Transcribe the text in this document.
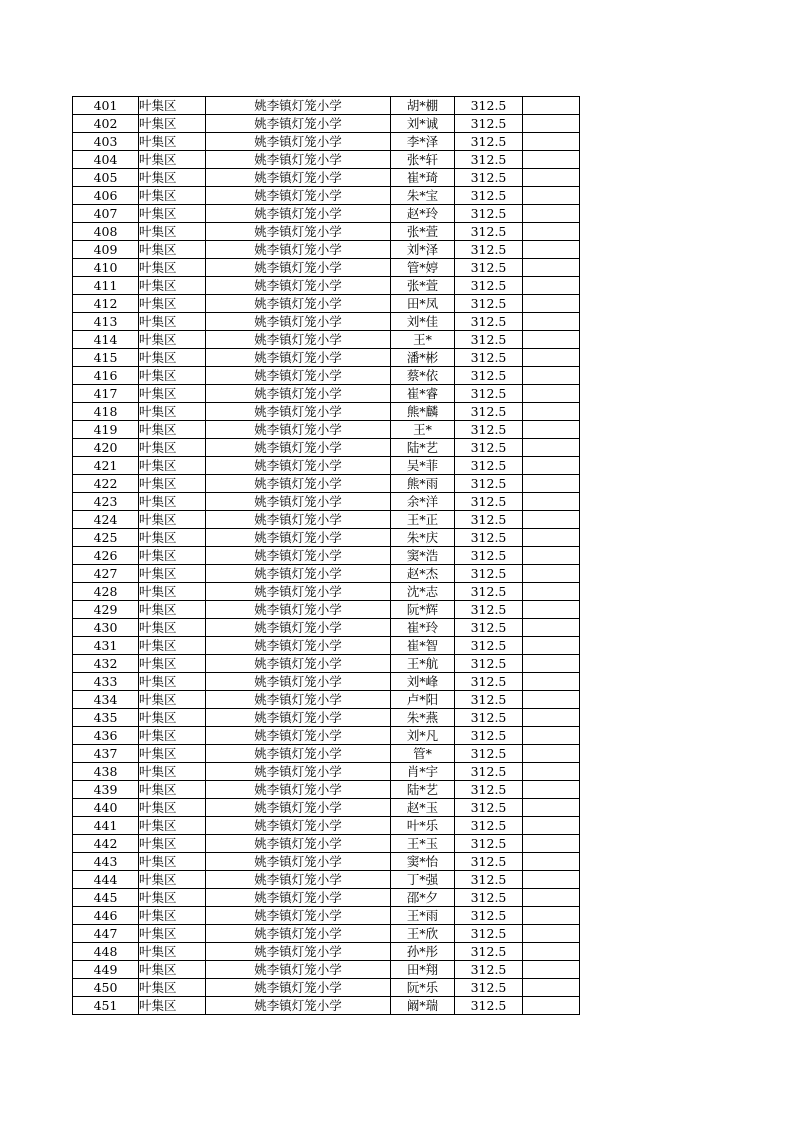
401	叶集区	姚李镇灯笼小学	胡*棚	312.5	
402	叶集区	姚李镇灯笼小学	刘*诚	312.5	
403	叶集区	姚李镇灯笼小学	李*泽	312.5	
404	叶集区	姚李镇灯笼小学	张*轩	312.5	
405	叶集区	姚李镇灯笼小学	崔*琦	312.5	
406	叶集区	姚李镇灯笼小学	朱*宝	312.5	
407	叶集区	姚李镇灯笼小学	赵*玲	312.5	
408	叶集区	姚李镇灯笼小学	张*萱	312.5	
409	叶集区	姚李镇灯笼小学	刘*泽	312.5	
410	叶集区	姚李镇灯笼小学	管*婷	312.5	
411	叶集区	姚李镇灯笼小学	张*萱	312.5	
412	叶集区	姚李镇灯笼小学	田*凤	312.5	
413	叶集区	姚李镇灯笼小学	刘*佳	312.5	
414	叶集区	姚李镇灯笼小学	王*	312.5	
415	叶集区	姚李镇灯笼小学	潘*彬	312.5	
416	叶集区	姚李镇灯笼小学	蔡*依	312.5	
417	叶集区	姚李镇灯笼小学	崔*睿	312.5	
418	叶集区	姚李镇灯笼小学	熊*麟	312.5	
419	叶集区	姚李镇灯笼小学	王*	312.5	
420	叶集区	姚李镇灯笼小学	陆*艺	312.5	
421	叶集区	姚李镇灯笼小学	吴*菲	312.5	
422	叶集区	姚李镇灯笼小学	熊*雨	312.5	
423	叶集区	姚李镇灯笼小学	余*洋	312.5	
424	叶集区	姚李镇灯笼小学	王*正	312.5	
425	叶集区	姚李镇灯笼小学	朱*庆	312.5	
426	叶集区	姚李镇灯笼小学	窦*浩	312.5	
427	叶集区	姚李镇灯笼小学	赵*杰	312.5	
428	叶集区	姚李镇灯笼小学	沈*志	312.5	
429	叶集区	姚李镇灯笼小学	阮*辉	312.5	
430	叶集区	姚李镇灯笼小学	崔*玲	312.5	
431	叶集区	姚李镇灯笼小学	崔*智	312.5	
432	叶集区	姚李镇灯笼小学	王*航	312.5	
433	叶集区	姚李镇灯笼小学	刘*峰	312.5	
434	叶集区	姚李镇灯笼小学	卢*阳	312.5	
435	叶集区	姚李镇灯笼小学	朱*燕	312.5	
436	叶集区	姚李镇灯笼小学	刘*凡	312.5	
437	叶集区	姚李镇灯笼小学	管*	312.5	
438	叶集区	姚李镇灯笼小学	肖*宇	312.5	
439	叶集区	姚李镇灯笼小学	陆*艺	312.5	
440	叶集区	姚李镇灯笼小学	赵*玉	312.5	
441	叶集区	姚李镇灯笼小学	叶*乐	312.5	
442	叶集区	姚李镇灯笼小学	王*玉	312.5	
443	叶集区	姚李镇灯笼小学	窦*怡	312.5	
444	叶集区	姚李镇灯笼小学	丁*强	312.5	
445	叶集区	姚李镇灯笼小学	邵*夕	312.5	
446	叶集区	姚李镇灯笼小学	王*雨	312.5	
447	叶集区	姚李镇灯笼小学	王*欣	312.5	
448	叶集区	姚李镇灯笼小学	孙*彤	312.5	
449	叶集区	姚李镇灯笼小学	田*翔	312.5	
450	叶集区	姚李镇灯笼小学	阮*乐	312.5	
451	叶集区	姚李镇灯笼小学	阚*瑞	312.5	
